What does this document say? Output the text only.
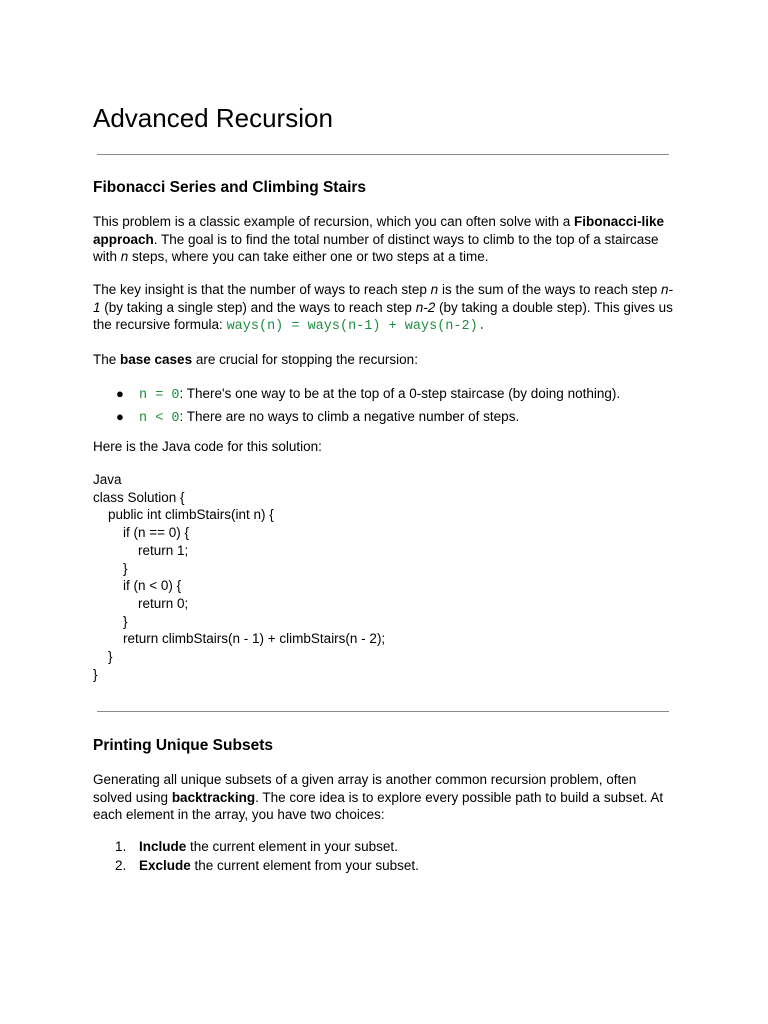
Advanced Recursion
Fibonacci Series and Climbing Stairs

This problem is a classic example of recursion, which you can often solve with a Fibonacci-like approach. The goal is to find the total number of distinct ways to climb to the top of a staircase with n steps, where you can take either one or two steps at a time.

The key insight is that the number of ways to reach step n is the sum of the ways to reach step n-1 (by taking a single step) and the ways to reach step n-2 (by taking a double step). This gives us the recursive formula: ways(n) = ways(n-1) + ways(n-2).

The base cases are crucial for stopping the recursion:

● n = 0: There's one way to be at the top of a 0-step staircase (by doing nothing).
● n < 0: There are no ways to climb a negative number of steps.

Here is the Java code for this solution:

Java
class Solution {
public int climbStairs(int n) {
if (n == 0) {
return 1;
}
if (n < 0) {
return 0;
}
return climbStairs(n - 1) + climbStairs(n - 2);
}
}
Printing Unique Subsets

Generating all unique subsets of a given array is another common recursion problem, often solved using backtracking. The core idea is to explore every possible path to build a subset. At each element in the array, you have two choices:

1. Include the current element in your subset.
2. Exclude the current element from your subset.
